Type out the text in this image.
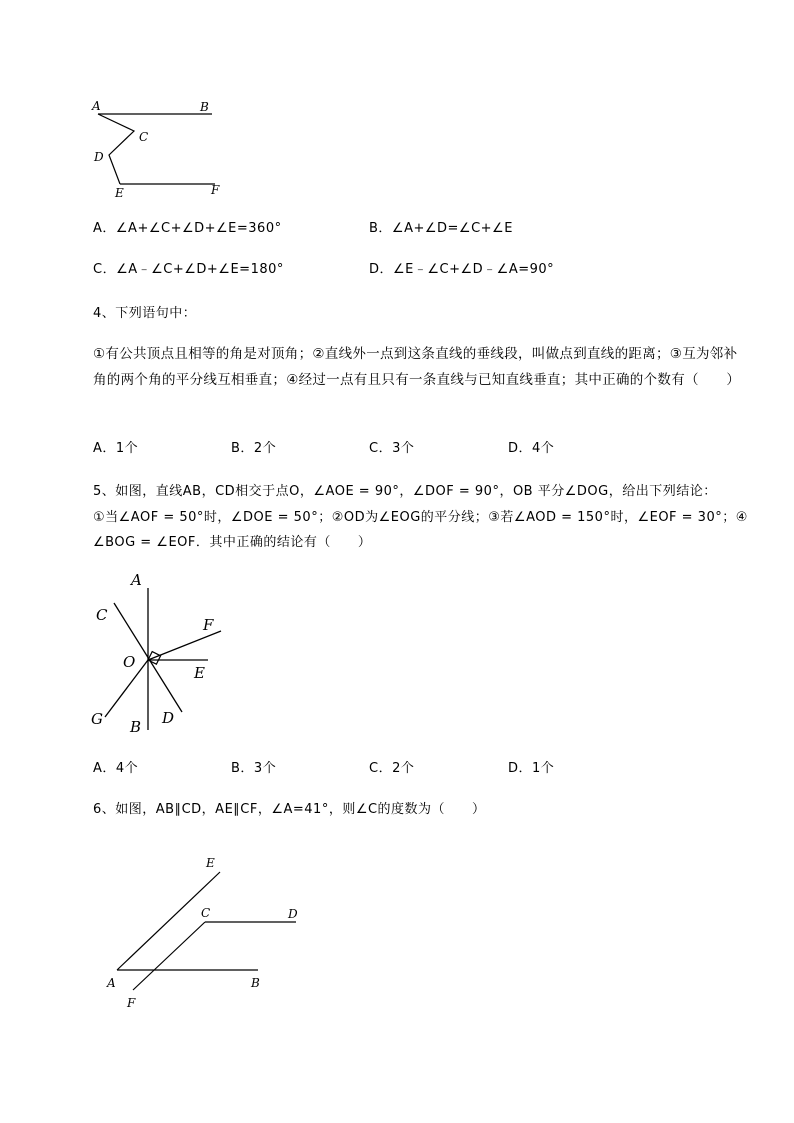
A	B
C
D
E	F
A．∠A+∠C+∠D+∠E=360°	B．∠A+∠D=∠C+∠E
C．∠A﹣∠C+∠D+∠E=180°	D．∠E﹣∠C+∠D﹣∠A=90°
4、下列语句中：
①有公共顶点且相等的角是对顶角；②直线外一点到这条直线的垂线段，叫做点到直线的距离；③互为邻补角的两个角的平分线互相垂直；④经过一点有且只有一条直线与已知直线垂直；其中正确的个数有（　　）
A．1个	B．2个	C．3个	D．4个
5、如图，直线AB，CD相交于点O，∠AOE = 90°，∠DOF = 90°，OB 平分∠DOG，给出下列结论：
①当∠AOF = 50°时，∠DOE = 50°；②OD为∠EOG的平分线；③若∠AOD = 150°时，∠EOF = 30°；④
∠BOG = ∠EOF．其中正确的结论有（　　）
A
C
F
O
E
G B D
A．4个	B．3个	C．2个	D．1个
6、如图，AB∥CD，AE∥CF，∠A=41°，则∠C的度数为（　　）
E
C	D
A	B
F
